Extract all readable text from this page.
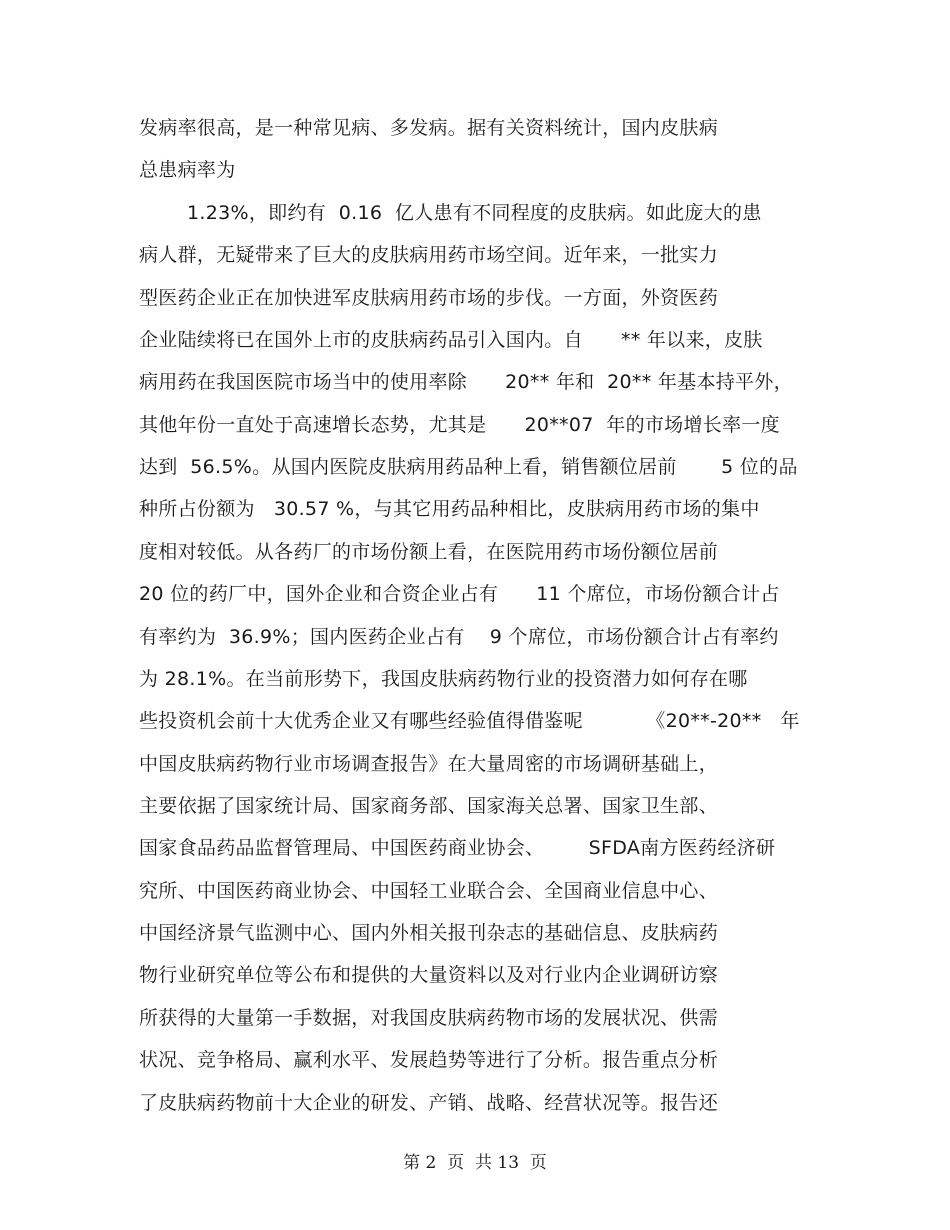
发病率很高，是一种常见病、多发病。据有关资料统计，国内皮肤病
总患病率为
1.23%，即约有  0.16  亿人患有不同程度的皮肤病。如此庞大的患
病人群，无疑带来了巨大的皮肤病用药市场空间。近年来，一批实力
型医药企业正在加快进军皮肤病用药市场的步伐。一方面，外资医药
企业陆续将已在国外上市的皮肤病药品引入国内。自      ** 年以来，皮肤
病用药在我国医院市场当中的使用率除      20** 年和  20** 年基本持平外，
其他年份一直处于高速增长态势，尤其是      20**07  年的市场增长率一度
达到  56.5%。从国内医院皮肤病用药品种上看，销售额位居前       5 位的品
种所占份额为   30.57 %，与其它用药品种相比，皮肤病用药市场的集中
度相对较低。从各药厂的市场份额上看，在医院用药市场份额位居前
20 位的药厂中，国外企业和合资企业占有      11 个席位，市场份额合计占
有率约为  36.9%；国内医药企业占有    9 个席位，市场份额合计占有率约
为 28.1%。在当前形势下，我国皮肤病药物行业的投资潜力如何存在哪
些投资机会前十大优秀企业又有哪些经验值得借鉴呢          《20**-20**   年
中国皮肤病药物行业市场调查报告》在大量周密的市场调研基础上，
主要依据了国家统计局、国家商务部、国家海关总署、国家卫生部、
国家食品药品监督管理局、中国医药商业协会、       SFDA南方医药经济研
究所、中国医药商业协会、中国轻工业联合会、全国商业信息中心、
中国经济景气监测中心、国内外相关报刊杂志的基础信息、皮肤病药
物行业研究单位等公布和提供的大量资料以及对行业内企业调研访察
所获得的大量第一手数据，对我国皮肤病药物市场的发展状况、供需
状况、竞争格局、赢利水平、发展趋势等进行了分析。报告重点分析
了皮肤病药物前十大企业的研发、产销、战略、经营状况等。报告还
第 2  页  共 13  页
